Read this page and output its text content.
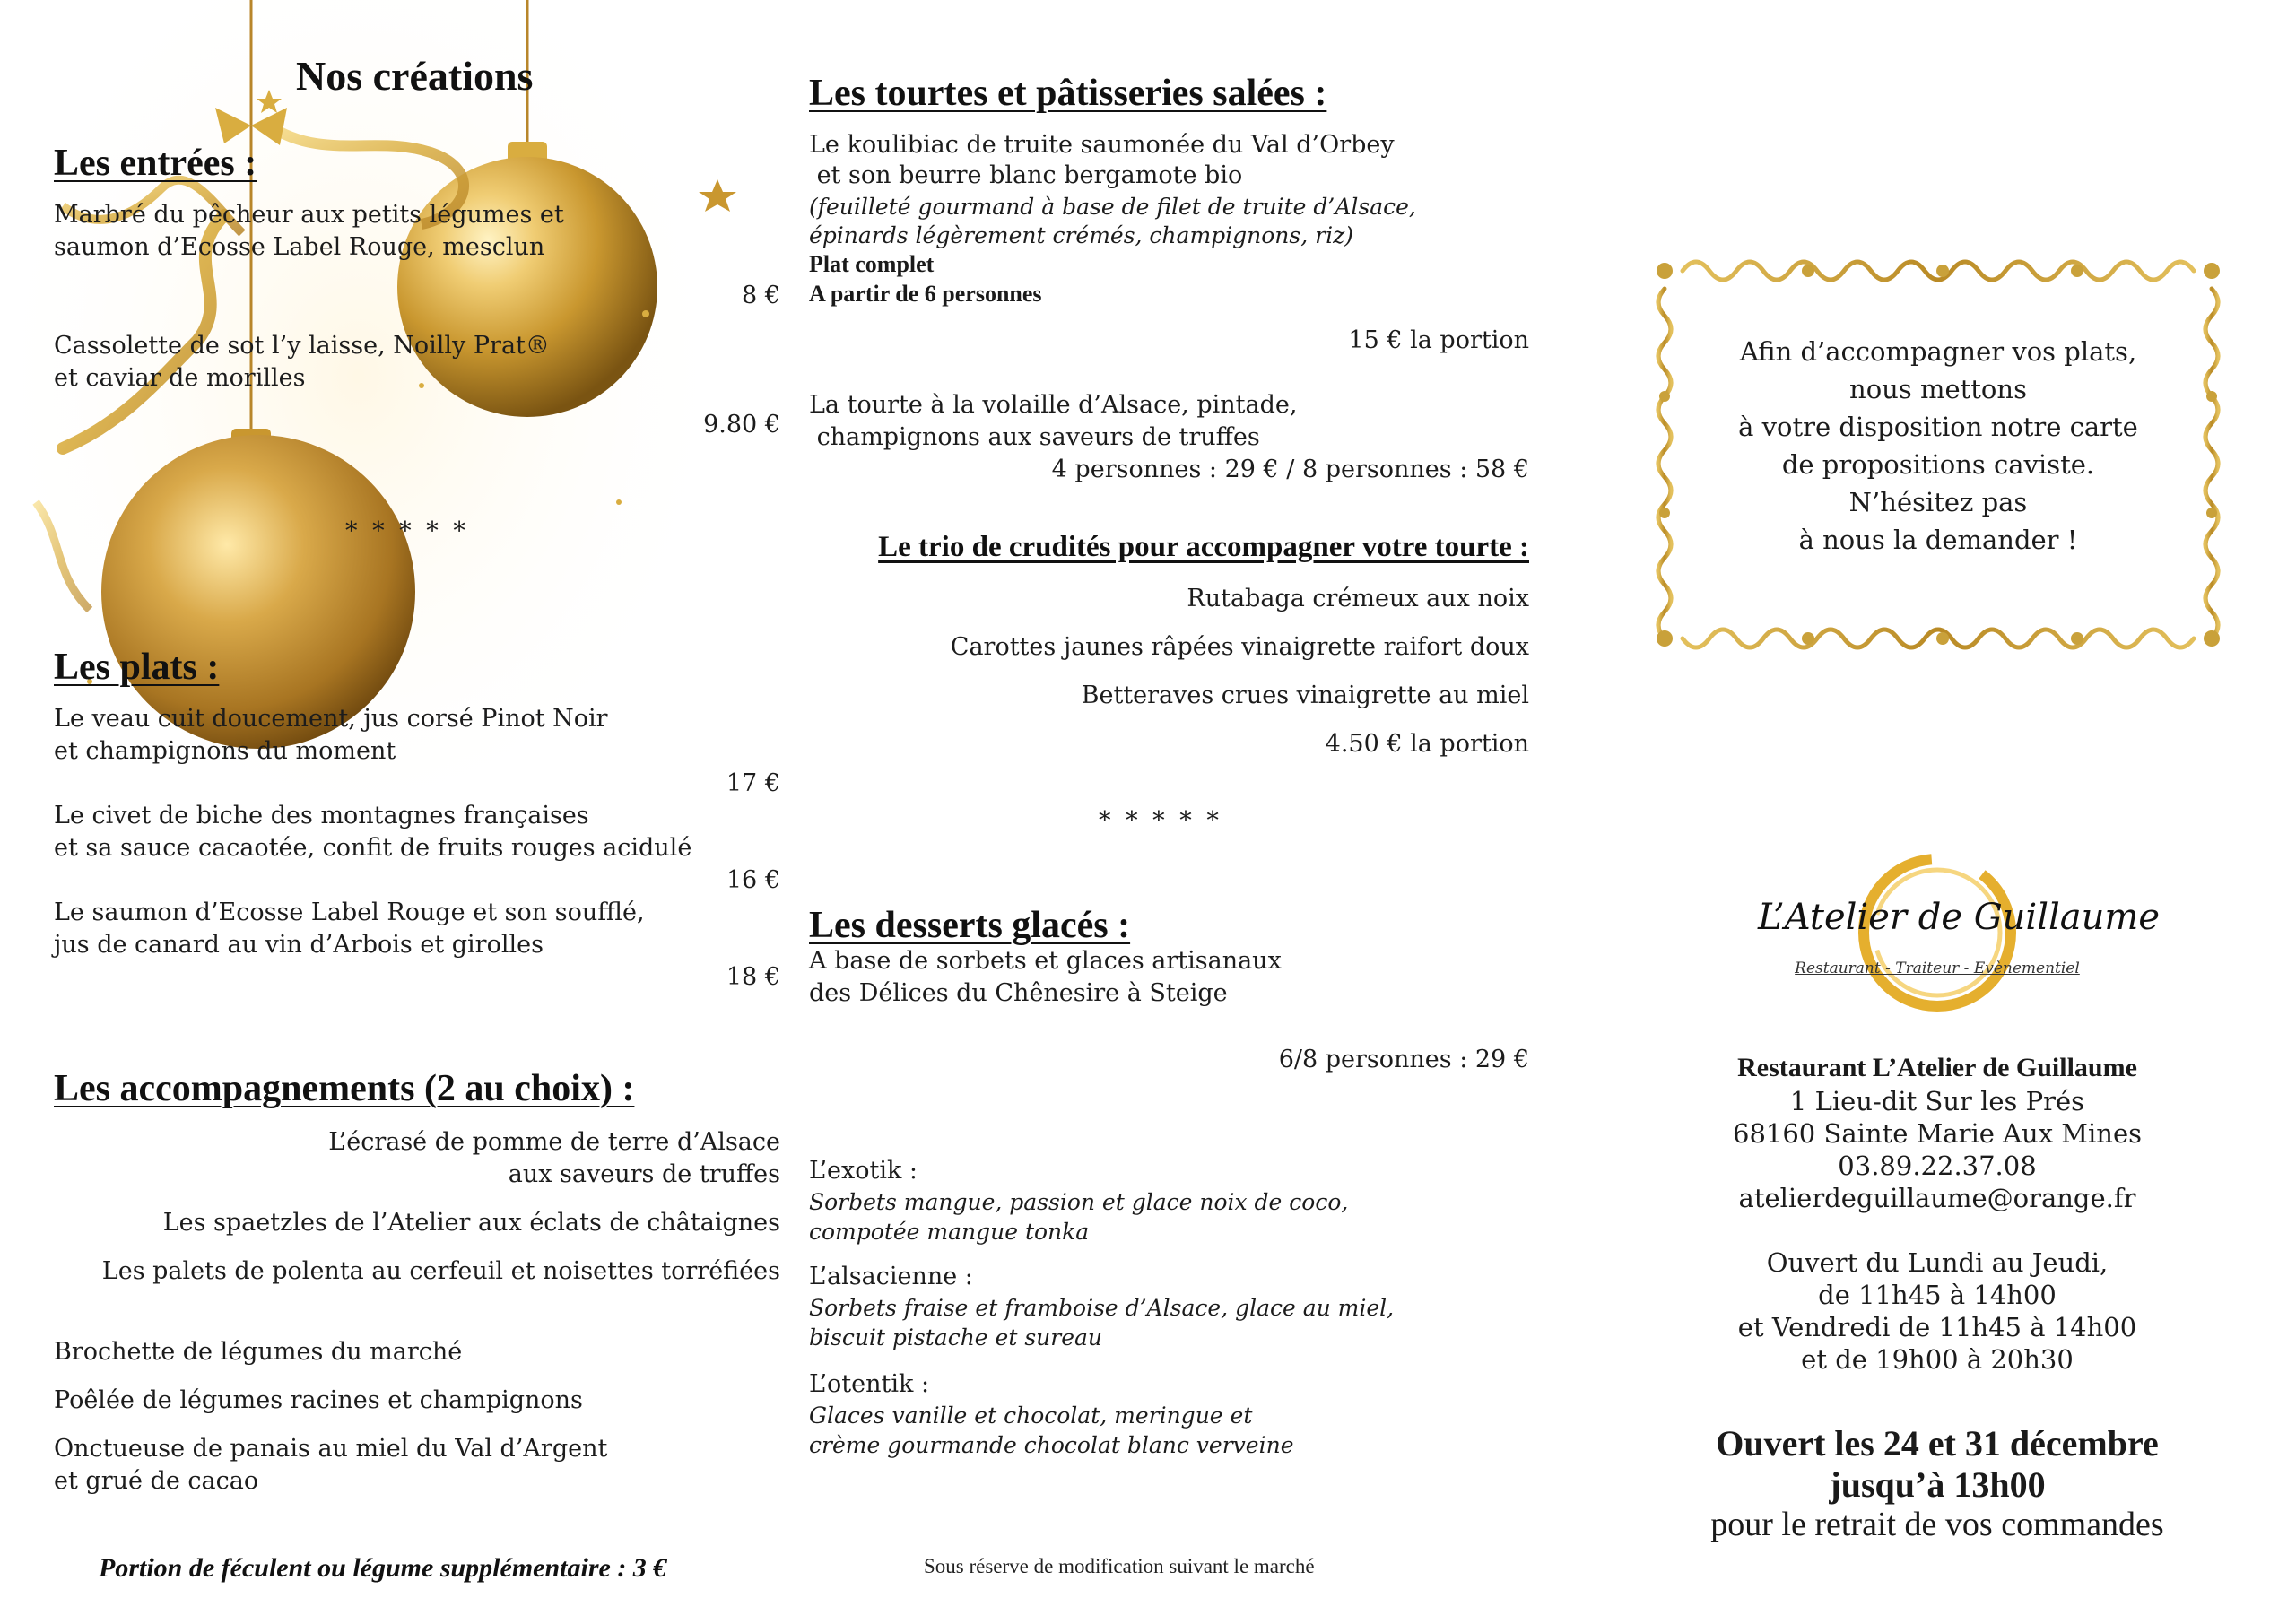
Nos créations
Les entrées :
Marbré du pêcheur aux petits légumes et
saumon d’Ecosse Label Rouge, mesclun
8 €
Cassolette de sot l’y laisse, Noilly Prat®
et caviar de morilles
9.80 €
* * * * *
Les plats :
Le veau cuit doucement, jus corsé Pinot Noir
et champignons du moment
17 €
Le civet de biche des montagnes françaises
et sa sauce cacaotée, confit de fruits rouges acidulé
16 €
Le saumon d’Ecosse Label Rouge et son soufflé,
jus de canard au vin d’Arbois et girolles
18 €
Les accompagnements (2 au choix) :
L’écrasé de pomme de terre d’Alsace
aux saveurs de truffes
Les spaetzles de l’Atelier aux éclats de châtaignes
Les palets de polenta au cerfeuil et noisettes torréfiées
Brochette de légumes du marché
Poêlée de légumes racines et champignons
Onctueuse de panais au miel du Val d’Argent
et grué de cacao
Portion de féculent ou légume supplémentaire : 3 €
Les tourtes et pâtisseries salées :
Le koulibiac de truite saumonée du Val d’Orbey
et son beurre blanc bergamote bio
(feuilleté gourmand à base de filet de truite d’Alsace,
épinards légèrement crémés, champignons, riz)
Plat complet
A partir de 6 personnes
15 € la portion
La tourte à la volaille d’Alsace, pintade,
champignons aux saveurs de truffes
4 personnes : 29 € / 8 personnes : 58 €
Le trio de crudités pour accompagner votre tourte :
Rutabaga crémeux aux noix
Carottes jaunes râpées vinaigrette raifort doux
Betteraves crues vinaigrette au miel
4.50 € la portion
* * * * *
Les desserts glacés :
A base de sorbets et glaces artisanaux
des Délices du Chênesire à Steige
6/8 personnes : 29 €
L’exotik :
Sorbets mangue, passion et glace noix de coco,
compotée mangue tonka
L’alsacienne :
Sorbets fraise et framboise d’Alsace, glace au miel,
biscuit pistache et sureau
L’otentik :
Glaces vanille et chocolat, meringue et
crème gourmande chocolat blanc verveine
Sous réserve de modification suivant le marché
Afin d’accompagner vos plats,
nous mettons
à votre disposition notre carte
de propositions caviste.
N’hésitez pas
à nous la demander !
L’Atelier de Guillaume
Restaurant - Traiteur - Evènementiel
Restaurant L’Atelier de Guillaume
1 Lieu-dit Sur les Prés
68160 Sainte Marie Aux Mines
03.89.22.37.08
atelierdeguillaume@orange.fr
Ouvert du Lundi au Jeudi,
de 11h45 à 14h00
et Vendredi de 11h45 à 14h00
et de 19h00 à 20h30
Ouvert les 24 et 31 décembre
jusqu’à 13h00
pour le retrait de vos commandes
